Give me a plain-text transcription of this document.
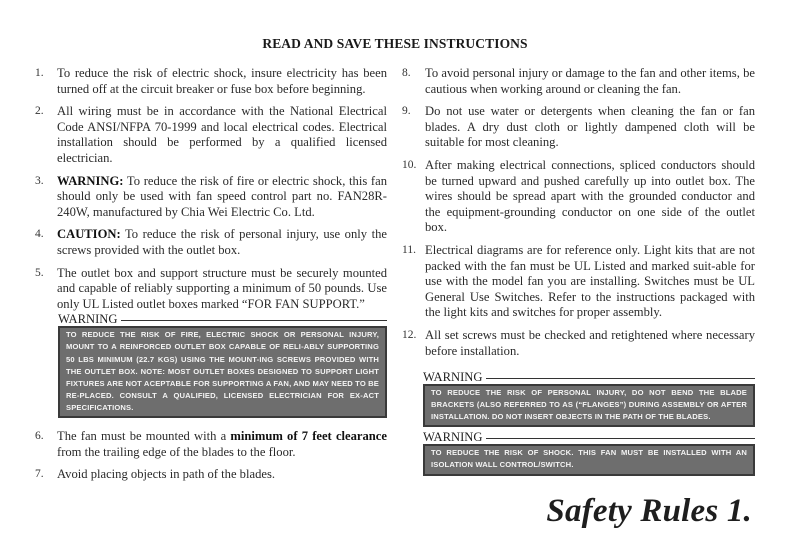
READ AND SAVE THESE INSTRUCTIONS
1. To reduce the risk of electric shock, insure electricity has been turned off at the circuit breaker or fuse box before beginning.
2. All wiring must be in accordance with the National Electrical Code ANSI/NFPA 70-1999 and local electrical codes. Electrical installation should be performed by a qualified licensed electrician.
3. WARNING: To reduce the risk of fire or electric shock, this fan should only be used with fan speed control part no. FAN28R-240W, manufactured by Chia Wei Electric Co. Ltd.
4. CAUTION: To reduce the risk of personal injury, use only the screws provided with the outlet box.
5. The outlet box and support structure must be securely mounted and capable of reliably supporting a minimum of 50 pounds. Use only UL Listed outlet boxes marked “FOR FAN SUPPORT.”
WARNING
TO REDUCE THE RISK OF FIRE, ELECTRIC SHOCK OR PERSONAL INJURY, MOUNT TO A REINFORCED OUTLET BOX CAPABLE OF RELI-ABLY SUPPORTING 50 LBS MINIMUM (22.7 KGS) USING THE MOUNT-ING SCREWS PROVIDED WITH THE OUTLET BOX. NOTE: MOST OUTLET BOXES DESIGNED TO SUPPORT LIGHT FIXTURES ARE NOT ACEPTABLE FOR SUPPORTING A FAN, AND MAY NEED TO BE RE-PLACED. CONSULT A QUALIFIED, LICENSED ELECTRICIAN FOR EX-ACT SPECIFICATIONS.
6. The fan must be mounted with a minimum of 7 feet clearance from the trailing edge of the blades to the floor.
7. Avoid placing objects in path of the blades.
8. To avoid personal injury or damage to the fan and other items, be cautious when working around or cleaning the fan.
9. Do not use water or detergents when cleaning the fan or fan blades. A dry dust cloth or lightly dampened cloth will be suitable for most cleaning.
10. After making electrical connections, spliced conductors should be turned upward and pushed carefully up into outlet box. The wires should be spread apart with the grounded conductor and the equipment-grounding conductor on one side of the outlet box.
11. Electrical diagrams are for reference only. Light kits that are not packed with the fan must be UL Listed and marked suit-able for use with the model fan you are installing. Switches must be UL General Use Switches. Refer to the instructions packaged with the light kits and switches for proper assembly.
12. All set screws must be checked and retightened where necessary before installation.
WARNING
TO REDUCE THE RISK OF PERSONAL INJURY, DO NOT BEND THE BLADE BRACKETS (ALSO REFERRED TO AS (“FLANGES”) DURING ASSEMBLY OR AFTER INSTALLATION. DO NOT INSERT OBJECTS IN THE PATH OF THE BLADES.
WARNING
TO REDUCE THE RISK OF SHOCK. THIS FAN MUST BE INSTALLED WITH AN ISOLATION WALL CONTROL/SWITCH.
Safety Rules 1.
